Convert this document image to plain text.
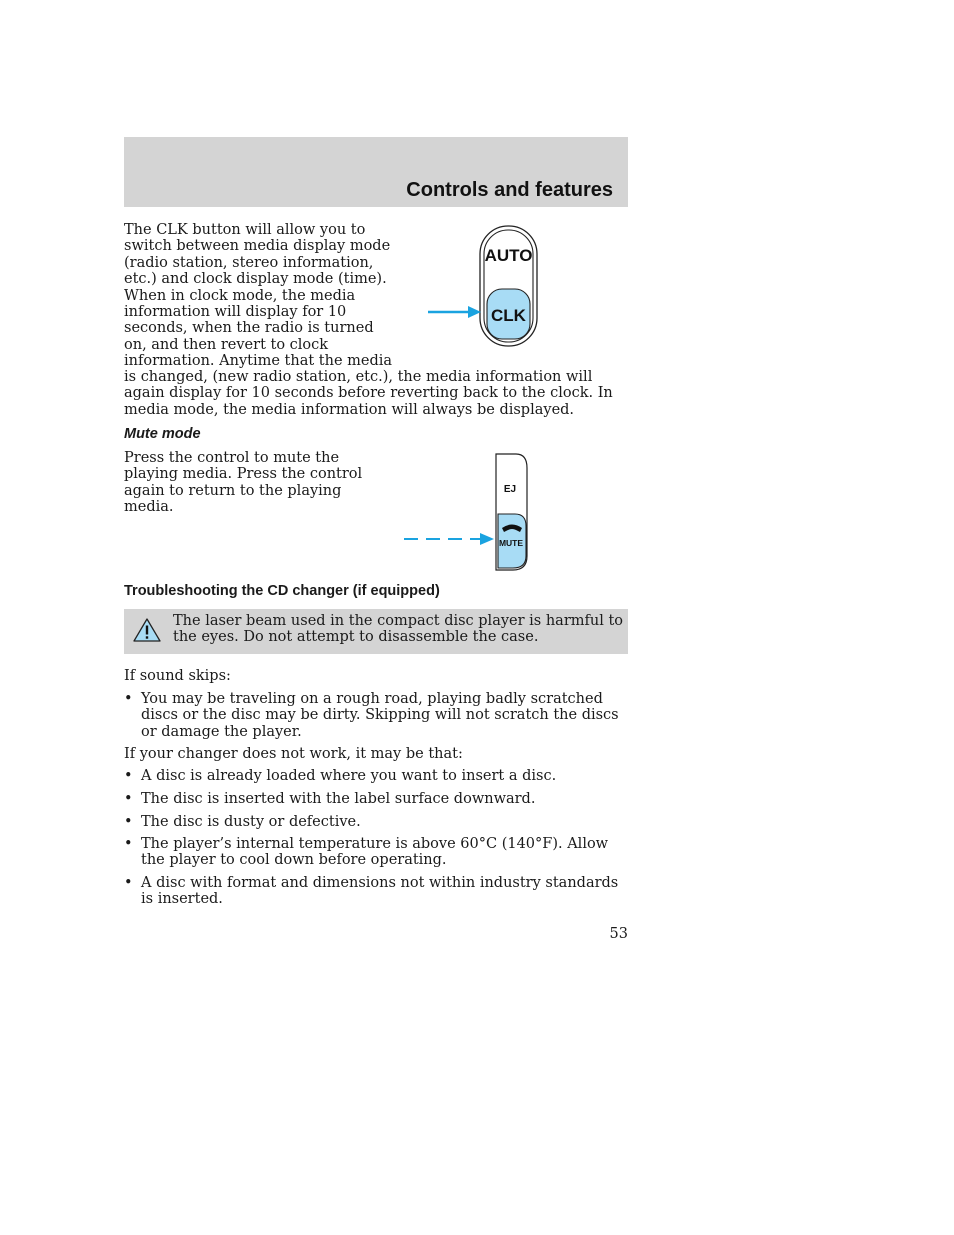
Controls and features
The CLK button will allow you to switch between media display mode (radio station, stereo information, etc.) and clock display mode (time). When in clock mode, the media information will display for 10 seconds, when the radio is turned on, and then revert to clock information. Anytime that the media
AUTO
CLK
is changed, (new radio station, etc.), the media information will again display for 10 seconds before reverting back to the clock. In media mode, the media information will always be displayed.
Mute mode
Press the control to mute the playing media. Press the control again to return to the playing media.
EJ
MUTE
Troubleshooting the CD changer (if equipped)
The laser beam used in the compact disc player is harmful to the eyes. Do not attempt to disassemble the case.
If sound skips:
• You may be traveling on a rough road, playing badly scratched discs or the disc may be dirty. Skipping will not scratch the discs or damage the player.
If your changer does not work, it may be that:
• A disc is already loaded where you want to insert a disc.
• The disc is inserted with the label surface downward.
• The disc is dusty or defective.
• The player’s internal temperature is above 60°C (140°F). Allow the player to cool down before operating.
• A disc with format and dimensions not within industry standards is inserted.
53
